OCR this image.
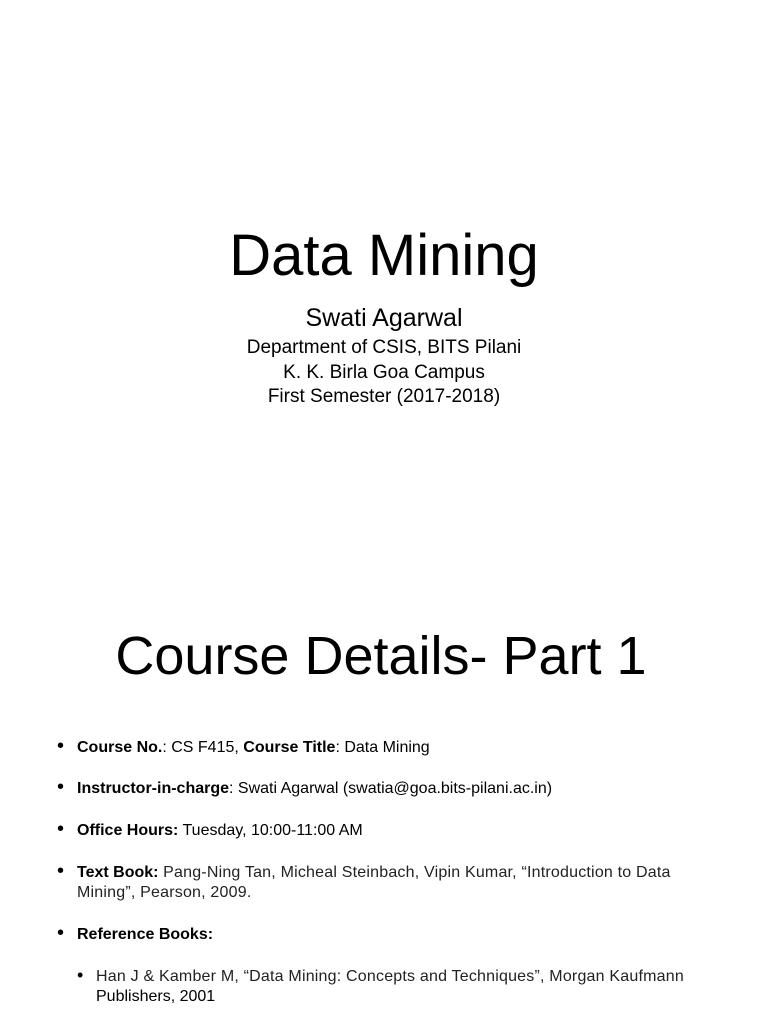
Data Mining
Swati Agarwal
Department of CSIS, BITS Pilani
K. K. Birla Goa Campus
First Semester (2017-2018)
Course Details- Part 1
• Course No.: CS F415, Course Title: Data Mining
• Instructor-in-charge: Swati Agarwal (swatia@goa.bits-pilani.ac.in)
• Office Hours: Tuesday, 10:00-11:00 AM
• Text Book: Pang-Ning Tan, Micheal Steinbach, Vipin Kumar, “Introduction to Data
Mining”, Pearson, 2009.
• Reference Books:
• Han J & Kamber M, “Data Mining: Concepts and Techniques”, Morgan Kaufmann
Publishers, 2001
